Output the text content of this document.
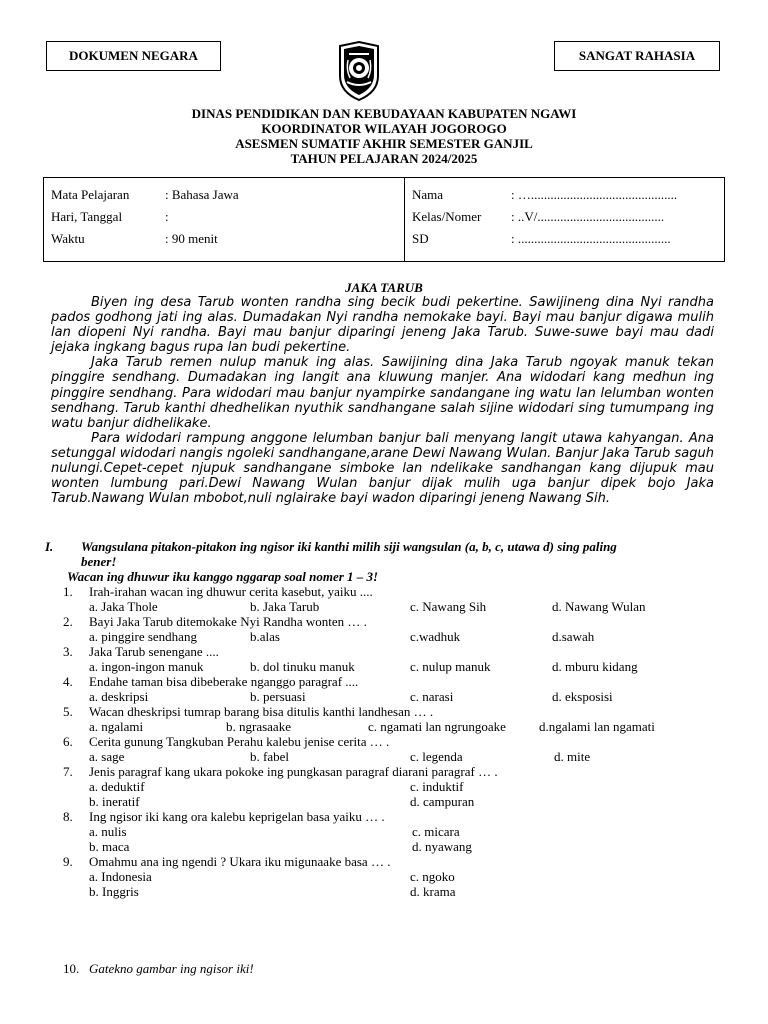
DOKUMEN NEGARA	SANGAT RAHASIA
DINAS PENDIDIKAN DAN KEBUDAYAAN KABUPATEN NGAWI
KOORDINATOR WILAYAH JOGOROGO
ASESMEN SUMATIF AKHIR SEMESTER GANJIL
TAHUN PELAJARAN 2024/2025
Mata Pelajaran	: Bahasa Jawa
Hari, Tanggal	:
Waktu	: 90 menit
Nama	: ….............................................
Kelas/Nomer : ..V/.......................................
SD	: ...............................................
JAKA TARUB

Biyen ing desa Tarub wonten randha sing becik budi pekertine. Sawijineng dina Nyi randha pados godhong jati ing alas. Dumadakan Nyi randha nemokake bayi. Bayi mau banjur digawa mulih lan diopeni Nyi randha. Bayi mau banjur diparingi jeneng Jaka Tarub. Suwe-suwe bayi mau dadi jejaka ingkang bagus rupa lan budi pekertine.

Jaka Tarub remen nulup manuk ing alas. Sawijining dina Jaka Tarub ngoyak manuk tekan pinggire sendhang. Dumadakan ing langit ana kluwung manjer. Ana widodari kang medhun ing pinggire sendhang. Para widodari mau banjur nyampirke sandangane ing watu lan lelumban wonten sendhang. Tarub kanthi dhedhelikan nyuthik sandhangane salah sijine widodari sing tumumpang ing watu banjur didhelikake.

Para widodari rampung anggone lelumban banjur bali menyang langit utawa kahyangan. Ana setunggal widodari nangis ngoleki sandhangane,arane Dewi Nawang Wulan. Banjur Jaka Tarub saguh nulungi.Cepet-cepet njupuk sandhangane simboke lan ndelikake sandhangan kang dijupuk mau wonten lumbung pari.Dewi Nawang Wulan banjur dijak mulih uga banjur dipek bojo Jaka Tarub.Nawang Wulan mbobot,nuli nglairake bayi wadon diparingi jeneng Nawang Sih.

I. Wangsulana pitakon-pitakon ing ngisor iki kanthi milih siji wangsulan (a, b, c, utawa d) sing paling
bener!
Wacan ing dhuwur iku kanggo nggarap soal nomer 1 – 3!
1. Irah-irahan wacan ing dhuwur cerita kasebut, yaiku ....
a. Jaka Thole	b. Jaka Tarub	c. Nawang Sih	d. Nawang Wulan
2. Bayi Jaka Tarub ditemokake Nyi Randha wonten … .
a. pinggire sendhang	b.alas	c.wadhuk	d.sawah
3. Jaka Tarub senengane ....
a. ingon-ingon manuk	b. dol tinuku manuk	c. nulup manuk	d. mburu kidang
4. Endahe taman bisa dibeberake nganggo paragraf ....
a. deskripsi	b. persuasi	c. narasi	d. eksposisi
5. Wacan dheskripsi tumrap barang bisa ditulis kanthi landhesan … .
a. ngalami	b. ngrasaake	c. ngamati lan ngrungoake	d.ngalami lan ngamati
6. Cerita gunung Tangkuban Perahu kalebu jenise cerita … .
a. sage	b. fabel	c. legenda	d. mite
7. Jenis paragraf kang ukara pokoke ing pungkasan paragraf diarani paragraf … .
a. deduktif	c. induktif
b. ineratif	d. campuran
8. Ing ngisor iki kang ora kalebu keprigelan basa yaiku … .
a. nulis	c. micara
b. maca	d. nyawang
9. Omahmu ana ing ngendi ? Ukara iku migunaake basa … .
a. Indonesia	c. ngoko
b. Inggris	d. krama
10. Gatekno gambar ing ngisor iki!
